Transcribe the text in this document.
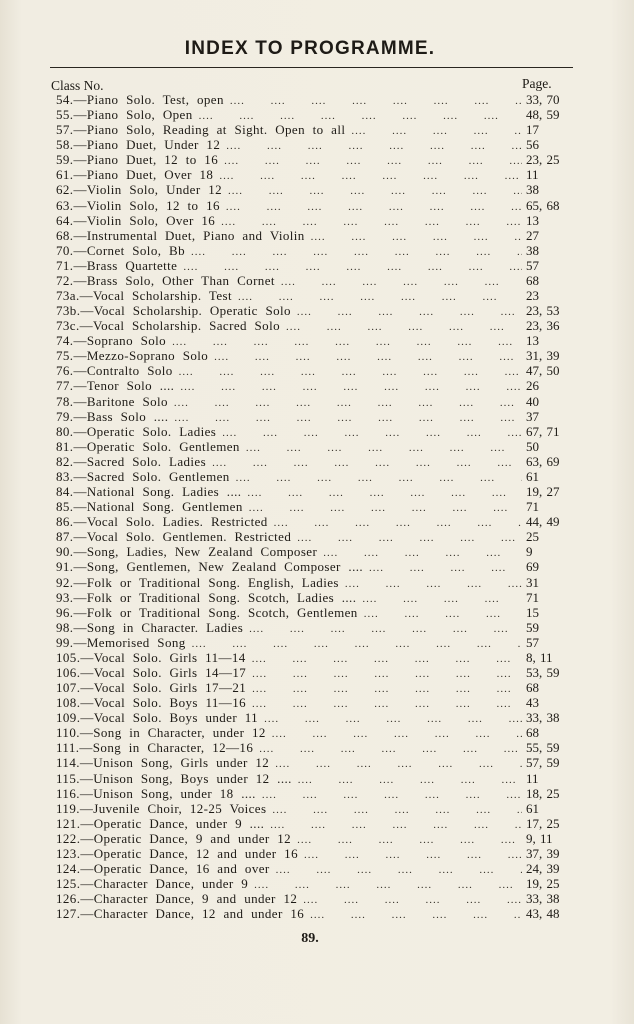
INDEX TO PROGRAMME.
Class No.	Page.
54.—Piano Solo. Test, open ....	33, 70
55.—Piano Solo, Open ....	48, 59
57.—Piano Solo, Reading at Sight. Open to all ....	17
58.—Piano Duet, Under 12 ....	56
59.—Piano Duet, 12 to 16 ....	23, 25
61.—Piano Duet, Over 18 ....	11
62.—Violin Solo, Under 12 ....	38
63.—Violin Solo, 12 to 16 ....	65, 68
64.—Violin Solo, Over 16 ....	13
68.—Instrumental Duet, Piano and Violin ....	27
70.—Cornet Solo, Bb ....	38
71.—Brass Quartette ....	57
72.—Brass Solo, Other Than Cornet ....	68
73a.—Vocal Scholarship. Test ....	23
73b.—Vocal Scholarship. Operatic Solo ....	23, 53
73c.—Vocal Scholarship. Sacred Solo ....	23, 36
74.—Soprano Solo ....	13
75.—Mezzo-Soprano Solo ....	31, 39
76.—Contralto Solo ....	47, 50
77.—Tenor Solo .... ....	26
78.—Baritone Solo ....	40
79.—Bass Solo .... ....	37
80.—Operatic Solo. Ladies ....	67, 71
81.—Operatic Solo. Gentlemen ....	50
82.—Sacred Solo. Ladies ....	63, 69
83.—Sacred Solo. Gentlemen ....	61
84.—National Song. Ladies .... ....	19, 27
85.—National Song. Gentlemen ....	71
86.—Vocal Solo. Ladies. Restricted ....	44, 49
87.—Vocal Solo. Gentlemen. Restricted ....	25
90.—Song, Ladies, New Zealand Composer ....	9
91.—Song, Gentlemen, New Zealand Composer .... ....	69
92.—Folk or Traditional Song. English, Ladies ....	31
93.—Folk or Traditional Song. Scotch, Ladies .... ....	71
96.—Folk or Traditional Song. Scotch, Gentlemen ....	15
98.—Song in Character. Ladies ....	59
99.—Memorised Song ....	57
105.—Vocal Solo. Girls 11—14 ....	8, 11
106.—Vocal Solo. Girls 14—17 ....	53, 59
107.—Vocal Solo. Girls 17—21 ....	68
108.—Vocal Solo. Boys 11—16 ....	43
109.—Vocal Solo. Boys under 11 ....	33, 38
110.—Song in Character, under 12 ....	68
111.—Song in Character, 12—16 ....	55, 59
114.—Unison Song, Girls under 12 ....	57, 59
115.—Unison Song, Boys under 12 .... ....	11
116.—Unison Song, under 18 .... ....	18, 25
119.—Juvenile Choir, 12-25 Voices ....	61
121.—Operatic Dance, under 9 .... ....	17, 25
122.—Operatic Dance, 9 and under 12 ....	9, 11
123.—Operatic Dance, 12 and under 16 ....	37, 39
124.—Operatic Dance, 16 and over ....	24, 39
125.—Character Dance, under 9 ....	19, 25
126.—Character Dance, 9 and under 12 ....	33, 38
127.—Character Dance, 12 and under 16 ....	43, 48
89.
